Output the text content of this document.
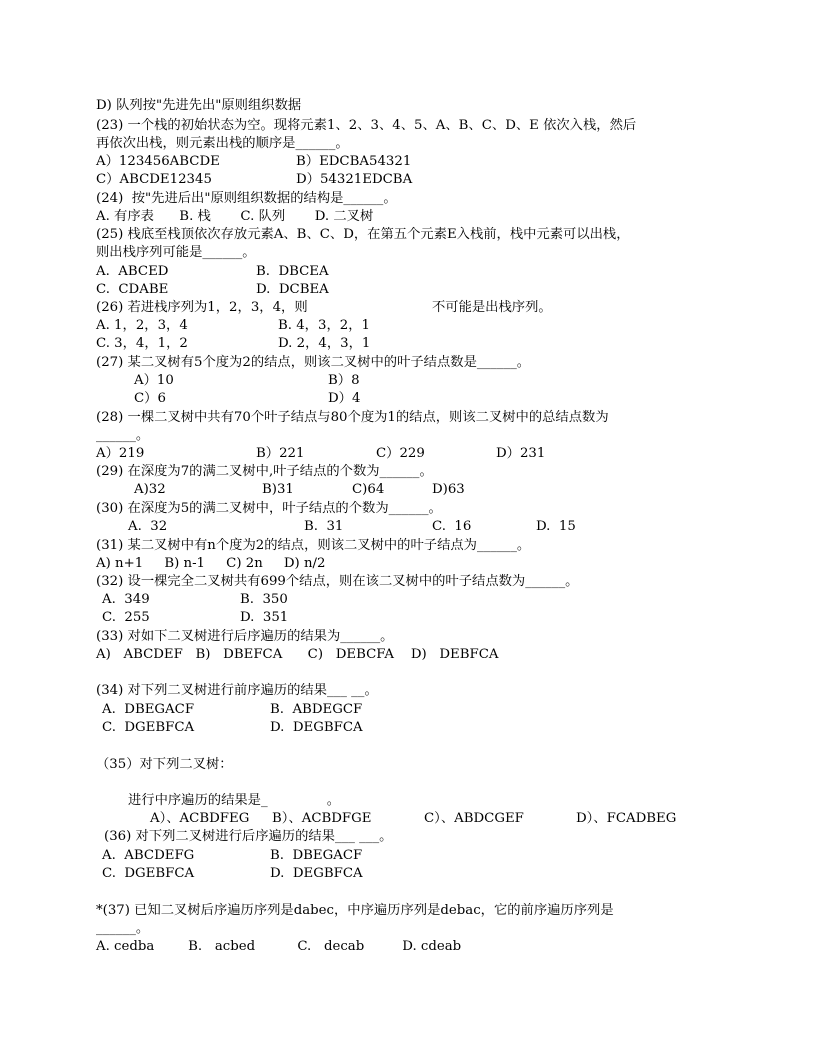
D) 队列按"先进先出"原则组织数据
(23) 一个栈的初始状态为空。现将元素1、2、3、4、5、A、B、C、D、E 依次入栈，然后
再依次出栈，则元素出栈的顺序是______。
A）123456ABCDE	B）EDCBA54321
C）ABCDE12345	D）54321EDCBA
(24)  按"先进后出"原则组织数据的结构是______。
A. 有序表      B. 栈       C. 队列       D. 二叉树
(25) 栈底至栈顶依次存放元素A、B、C、D，在第五个元素E入栈前，栈中元素可以出栈，
则出栈序列可能是______。
A.  ABCED	B.  DBCEA
C.  CDABE	D.  DCBEA
(26) 若进栈序列为1，2，3，4，则	不可能是出栈序列。
A. 1，2，3，4	B. 4，3，2，1
C. 3，4，1，2	D. 2，4，3，1
(27) 某二叉树有5个度为2的结点，则该二叉树中的叶子结点数是______。
A）10	B）8
C）6	D）4
(28) 一棵二叉树中共有70个叶子结点与80个度为1的结点，则该二叉树中的总结点数为
______。
A）219	B）221	C）229	D）231
(29) 在深度为7的满二叉树中,叶子结点的个数为______。
A)32	B)31	C)64	D)63
(30) 在深度为5的满二叉树中，叶子结点的个数为______。
A.  32	B.  31	C.  16	D.  15
(31) 某二叉树中有n个度为2的结点，则该二叉树中的叶子结点为______。
A) n+1     B) n-1     C) 2n     D) n/2
(32) 设一棵完全二叉树共有699个结点，则在该二叉树中的叶子结点数为______。
A.  349	B.  350
C.  255	D.  351
(33) 对如下二叉树进行后序遍历的结果为______。
A)   ABCDEF   B)   DBEFCA      C)   DEBCFA    D)   DEBFCA
(34) 对下列二叉树进行前序遍历的结果___ __。
A.  DBEGACF	B.  ABDEGCF
C.  DGEBFCA	D.  DEGBFCA
（35）对下列二叉树：
进行中序遍历的结果是_              。
A）、ACBDFEG B）、ACBDFGE	C）、ABDCGEF	D）、FCADBEG
(36) 对下列二叉树进行后序遍历的结果___ ___。
A.  ABCDEFG	B.  DBEGACF
C.  DGEBFCA	D.  DEGBFCA
*(37) 已知二叉树后序遍历序列是dabec，中序遍历序列是debac，它的前序遍历序列是
______。
A. cedba        B.   acbed          C.   decab         D. cdeab
